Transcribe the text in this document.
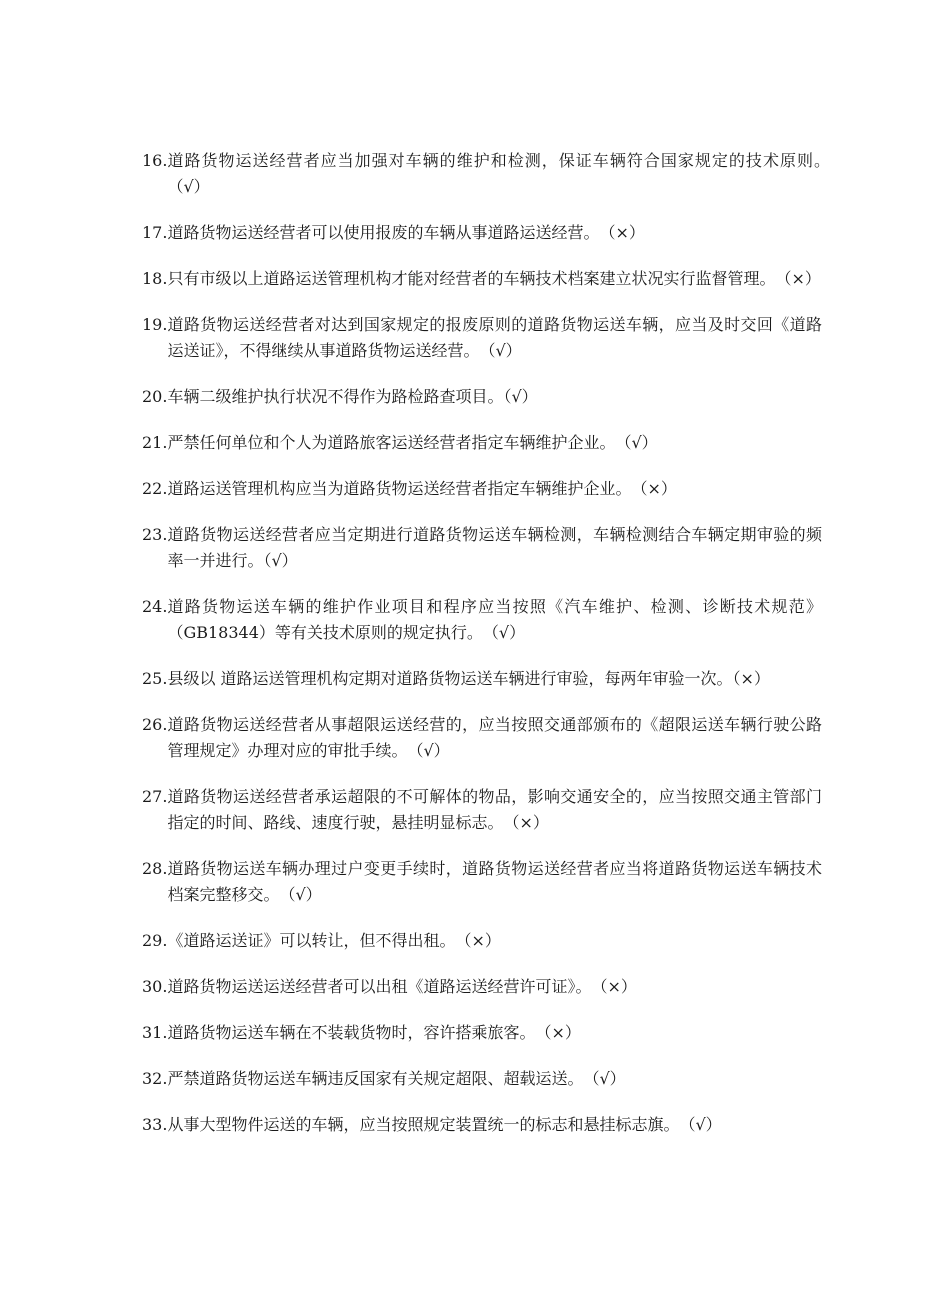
16. 道路货物运送经营者应当加强对车辆的维护和检测，保证车辆符合国家规定的技术原则。　（√）
17. 道路货物运送经营者可以使用报废的车辆从事道路运送经营。　（×）
18. 只有市级以上道路运送管理机构才能对经营者的车辆技术档案建立状况实行监督管理。　（×）
19. 道路货物运送经营者对达到国家规定的报废原则的道路货物运送车辆，应当及时交回《道路运送证》，不得继续从事道路货物运送经营。　（√）
20. 车辆二级维护执行状况不得作为路检路查项目。（√）
21. 严禁任何单位和个人为道路旅客运送经营者指定车辆维护企业。　（√）
22. 道路运送管理机构应当为道路货物运送经营者指定车辆维护企业。　（×）
23. 道路货物运送经营者应当定期进行道路货物运送车辆检测，车辆检测结合车辆定期审验的频率一并进行。（√）
24. 道路货物运送车辆的维护作业项目和程序应当按照《汽车维护、检测、诊断技术规范》（GB18344）等有关技术原则的规定执行。　（√）
25. 县级以 道路运送管理机构定期对道路货物运送车辆进行审验，每两年审验一次。（×）
26. 道路货物运送经营者从事超限运送经营的，应当按照交通部颁布的《超限运送车辆行驶公路管理规定》办理对应的审批手续。　（√）
27. 道路货物运送经营者承运超限的不可解体的物品，影响交通安全的，应当按照交通主管部门指定的时间、路线、速度行驶，悬挂明显标志。　（×）
28. 道路货物运送车辆办理过户变更手续时，道路货物运送经营者应当将道路货物运送车辆技术档案完整移交。　（√）
29. 《道路运送证》可以转让，但不得出租。　（×）
30. 道路货物运送运送经营者可以出租《道路运送经营许可证》。　（×）
31. 道路货物运送车辆在不装载货物时，容许搭乘旅客。　（×）
32. 严禁道路货物运送车辆违反国家有关规定超限、超载运送。　（√）
33. 从事大型物件运送的车辆，应当按照规定装置统一的标志和悬挂标志旗。　（√）
